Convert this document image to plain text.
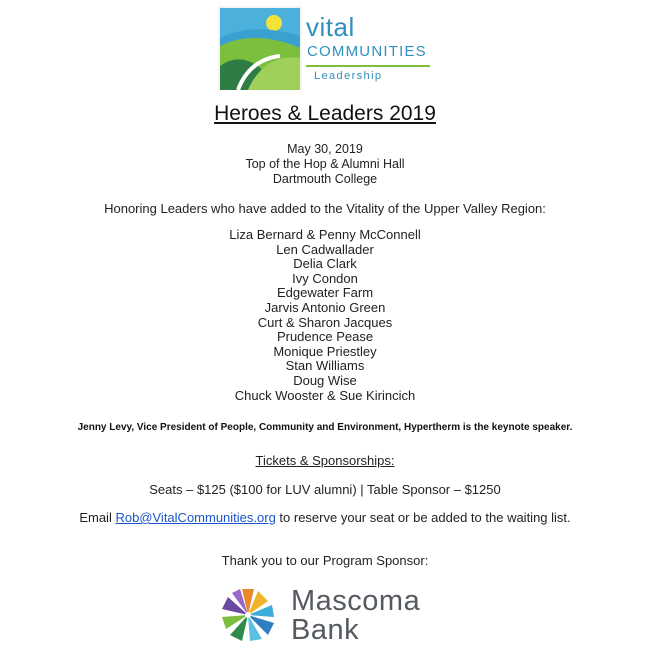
vital
COMMUNITIES
Leadership
Heroes & Leaders 2019
May 30, 2019
Top of the Hop & Alumni Hall
Dartmouth College
Honoring Leaders who have added to the Vitality of the Upper Valley Region:
Liza Bernard & Penny McConnell
Len Cadwallader
Delia Clark
Ivy Condon
Edgewater Farm
Jarvis Antonio Green
Curt & Sharon Jacques
Prudence Pease
Monique Priestley
Stan Williams
Doug Wise
Chuck Wooster & Sue Kirincich
Jenny Levy, Vice President of People, Community and Environment, Hypertherm is the keynote speaker.
Tickets & Sponsorships:
Seats – $125 ($100 for LUV alumni) | Table Sponsor – $1250
Email Rob@VitalCommunities.org to reserve your seat or be added to the waiting list.
Thank you to our Program Sponsor:
Mascoma
Bank
